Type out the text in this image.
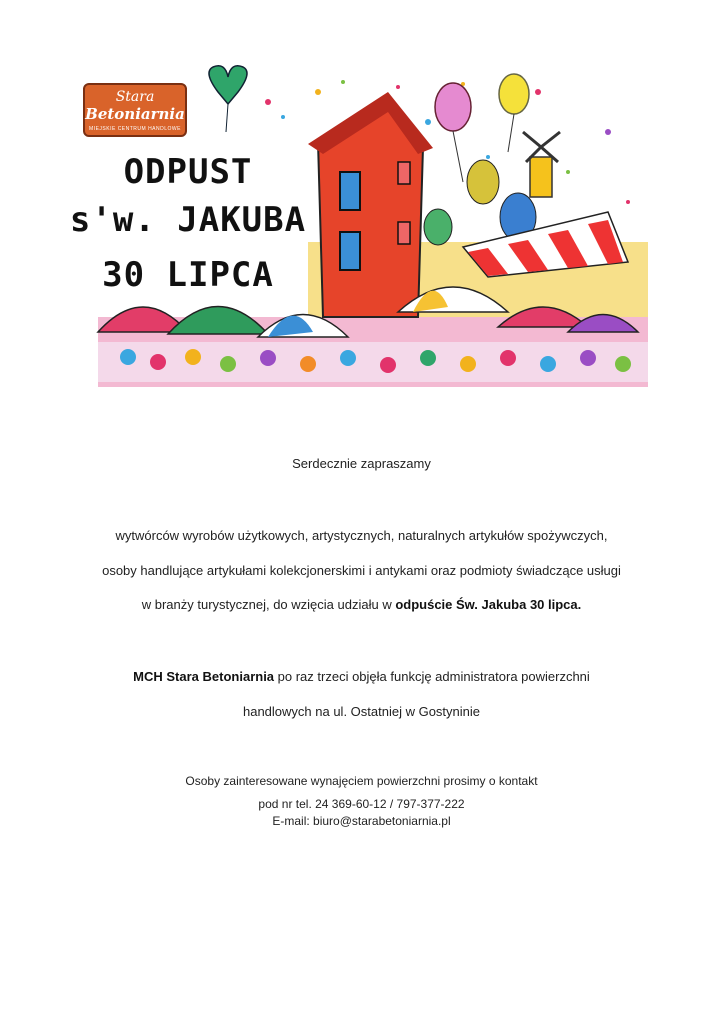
Stara
Betoniarnia
MIEJSKIE CENTRUM HANDLOWE
ODPUST
s'w. JAKUBA
30 LIPCA
Serdecznie zapraszamy
wytwórców wyrobów użytkowych, artystycznych, naturalnych artykułów spożywczych,
osoby handlujące artykułami kolekcjonerskimi i antykami oraz podmioty świadczące usługi
w branży turystycznej, do wzięcia udziału w odpuście Św. Jakuba 30 lipca.
MCH Stara Betoniarnia po raz trzeci objęła funkcję administratora powierzchni
handlowych na ul. Ostatniej w Gostyninie
Osoby zainteresowane wynajęciem powierzchni prosimy o kontakt
pod nr tel. 24 369-60-12 / 797-377-222
E-mail: biuro@starabetoniarnia.pl
